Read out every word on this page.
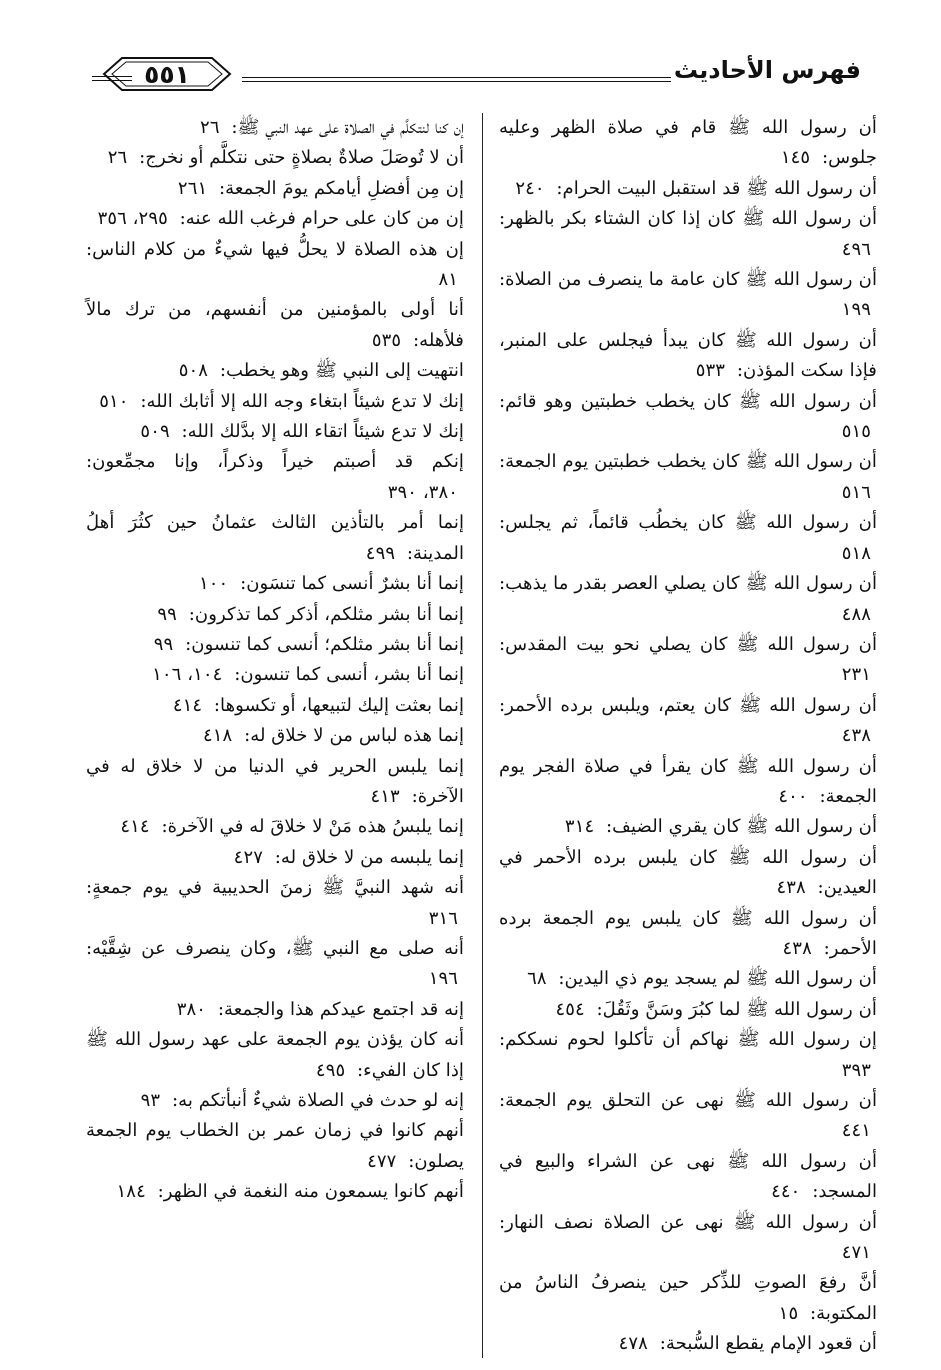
فهرس الأحاديث
٥٥١

أن رسول الله ﷺ قام في صلاة الظهر وعليه جلوس: ١٤٥

أن رسول الله ﷺ قد استقبل البيت الحرام: ٢٤٠

أن رسول الله ﷺ كان إذا كان الشتاء بكر بالظهر: ٤٩٦

أن رسول الله ﷺ كان عامة ما ينصرف من الصلاة: ١٩٩

أن رسول الله ﷺ كان يبدأ فيجلس على المنبر، فإذا سكت المؤذن: ٥٣٣

أن رسول الله ﷺ كان يخطب خطبتين وهو قائم: ٥١٥

أن رسول الله ﷺ كان يخطب خطبتين يوم الجمعة: ٥١٦

أن رسول الله ﷺ كان يخطُب قائماً، ثم يجلس: ٥١٨

أن رسول الله ﷺ كان يصلي العصر بقدر ما يذهب: ٤٨٨

أن رسول الله ﷺ كان يصلي نحو بيت المقدس: ٢٣١

أن رسول الله ﷺ كان يعتم، ويلبس برده الأحمر: ٤٣٨

أن رسول الله ﷺ كان يقرأ في صلاة الفجر يوم الجمعة: ٤٠٠

أن رسول الله ﷺ كان يقري الضيف: ٣١٤

أن رسول الله ﷺ كان يلبس برده الأحمر في العيدين: ٤٣٨

أن رسول الله ﷺ كان يلبس يوم الجمعة برده الأحمر: ٤٣٨

أن رسول الله ﷺ لم يسجد يوم ذي اليدين: ٦٨

أن رسول الله ﷺ لما كبُرَ وسَنَّ وثَقُلَ: ٤٥٤

إن رسول الله ﷺ نهاكم أن تأكلوا لحوم نسككم: ٣٩٣

أن رسول الله ﷺ نهى عن التحلق يوم الجمعة: ٤٤١

أن رسول الله ﷺ نهى عن الشراء والبيع في المسجد: ٤٤٠

أن رسول الله ﷺ نهى عن الصلاة نصف النهار: ٤٧١

أنَّ رفعَ الصوتِ للذِّكر حين ينصرفُ الناسُ من المكتوبة: ١٥

أن قعود الإمام يقطع السُّبحة: ٤٧٨

إن كنا لنتكلَّم في الصلاة على عهد النبي ﷺ: ٢٦

أن لا تُوصَلَ صلاةٌ بصلاةٍ حتى نتكلَّم أو نخرج: ٢٦

إن مِن أفضلِ أيامكم يومَ الجمعة: ٢٦١

إن من كان على حرام فرغب الله عنه: ٢٩٥، ٣٥٦

إن هذه الصلاة لا يحلُّ فيها شيءٌ من كلام الناس: ٨١

أنا أولى بالمؤمنين من أنفسهم، من ترك مالاً فلأهله: ٥٣٥

انتهيت إلى النبي ﷺ وهو يخطب: ٥٠٨

إنك لا تدع شيئاً ابتغاء وجه الله إلا أثابك الله: ٥١٠

إنك لا تدع شيئاً اتقاء الله إلا بدَّلك الله: ٥٠٩

إنكم قد أصبتم خيراً وذكراً، وإنا مجمِّعون: ٣٨٠، ٣٩٠

إنما أمر بالتأذين الثالث عثمانُ حين كثُرَ أهلُ المدينة: ٤٩٩

إنما أنا بشرٌ أنسى كما تنسَون: ١٠٠

إنما أنا بشر مثلكم، أذكر كما تذكرون: ٩٩

إنما أنا بشر مثلكم؛ أنسى كما تنسون: ٩٩

إنما أنا بشر، أنسى كما تنسون: ١٠٤، ١٠٦

إنما بعثت إليك لتبيعها، أو تكسوها: ٤١٤

إنما هذه لباس من لا خلاق له: ٤١٨

إنما يلبس الحرير في الدنيا من لا خلاق له في الآخرة: ٤١٣

إنما يلبسُ هذه مَنْ لا خلاقَ له في الآخرة: ٤١٤

إنما يلبسه من لا خلاق له: ٤٢٧

أنه شهد النبيَّ ﷺ زمنَ الحديبية في يوم جمعةٍ: ٣١٦

أنه صلى مع النبي ﷺ، وكان ينصرف عن شِقَّيْه: ١٩٦

إنه قد اجتمع عيدكم هذا والجمعة: ٣٨٠

أنه كان يؤذن يوم الجمعة على عهد رسول الله ﷺ إذا كان الفيء: ٤٩٥

إنه لو حدث في الصلاة شيءٌ أنبأتكم به: ٩٣

أنهم كانوا في زمان عمر بن الخطاب يوم الجمعة يصلون: ٤٧٧

أنهم كانوا يسمعون منه النغمة في الظهر: ١٨٤
